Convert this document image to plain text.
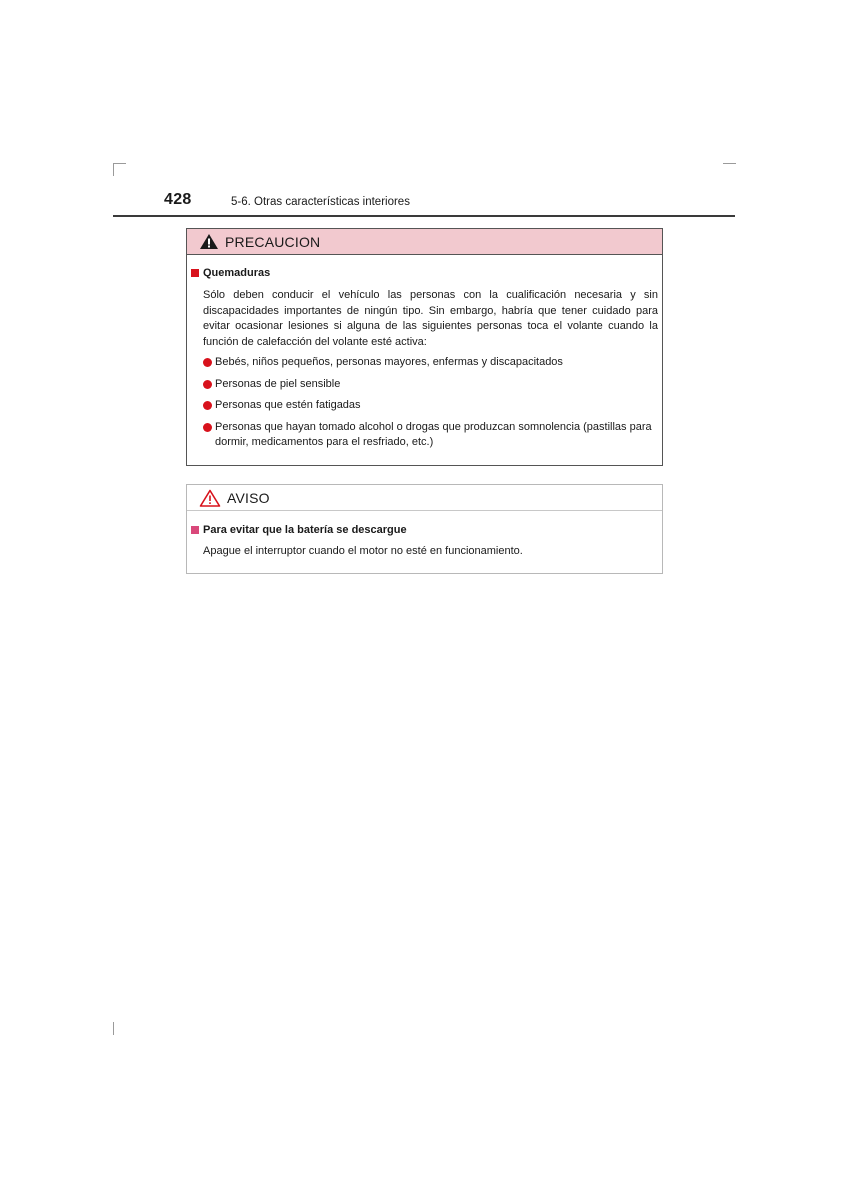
428	5-6. Otras características interiores
PRECAUCION
Quemaduras
Sólo deben conducir el vehículo las personas con la cualificación necesaria y sin discapacidades importantes de ningún tipo. Sin embargo, habría que tener cuidado para evitar ocasionar lesiones si alguna de las siguientes personas toca el volante cuando la función de calefacción del volante esté activa:
Bebés, niños pequeños, personas mayores, enfermas y discapacitados
Personas de piel sensible
Personas que estén fatigadas
Personas que hayan tomado alcohol o drogas que produzcan somnolencia (pastillas para dormir, medicamentos para el resfriado, etc.)
AVISO
Para evitar que la batería se descargue
Apague el interruptor cuando el motor no esté en funcionamiento.
